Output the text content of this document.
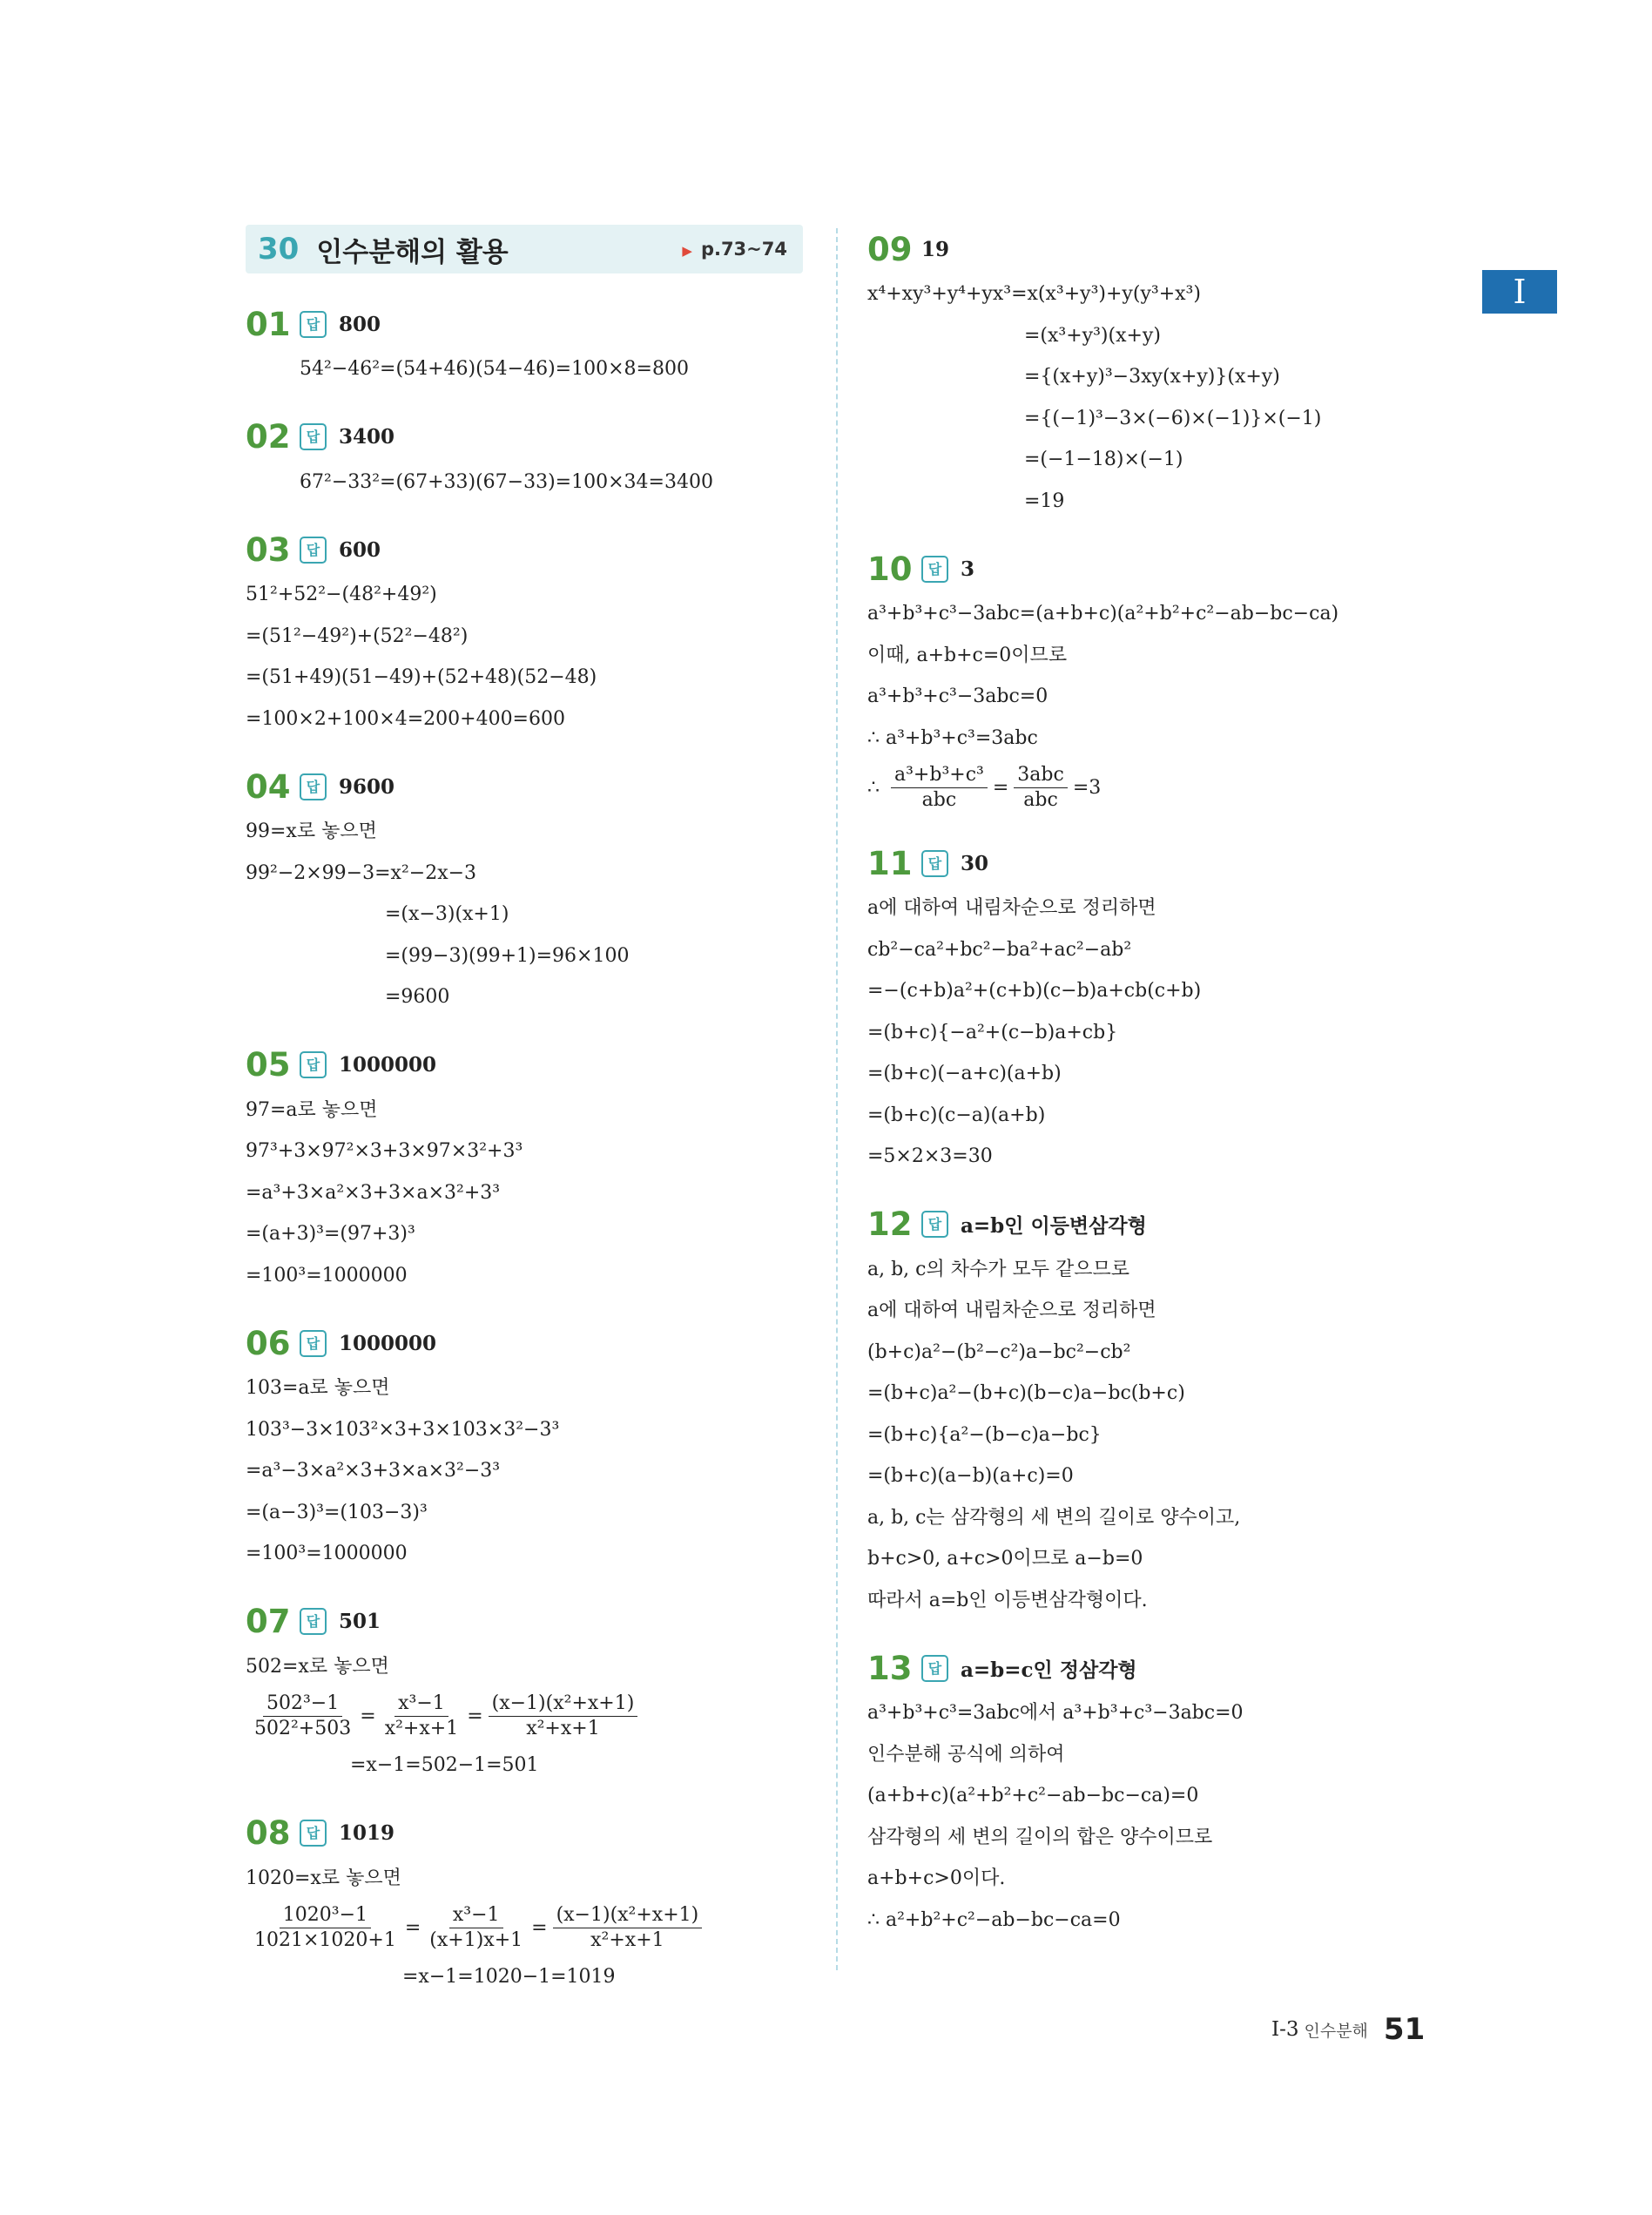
I
30 인수분해의 활용	▶ p.73~74
01	답 800
54²−46²=(54+46)(54−46)=100×8=800
02	답 3400
67²−33²=(67+33)(67−33)=100×34=3400
03	답 600
51²+52²−(48²+49²)
=(51²−49²)+(52²−48²)
=(51+49)(51−49)+(52+48)(52−48)
=100×2+100×4=200+400=600
04	답 9600
99=x로 놓으면
99²−2×99−3=x²−2x−3
=(x−3)(x+1)
=(99−3)(99+1)=96×100
=9600
05	답 1000000
97=a로 놓으면
97³+3×97²×3+3×97×3²+3³
=a³+3×a²×3+3×a×3²+3³
=(a+3)³=(97+3)³
=100³=1000000
06	답 1000000
103=a로 놓으면
103³−3×103²×3+3×103×3²−3³
=a³−3×a²×3+3×a×3²−3³
=(a−3)³=(103−3)³
=100³=1000000
07	답 501
502=x로 놓으면
$\frac{\text{502³−1}}{\text{502²+503}} = \frac{\text{x³−1}}{\text{x²+x+1}} = \frac{\text{(x−1)(x²+x+1)}}{\text{x²+x+1}}$
=x−1=502−1=501
08	답 1019
1020=x로 놓으면
$\frac{\text{1020³−1}}{1021\times 1020+1} = \frac{\text{x³−1}}{(x+1)x+1} = \frac{\text{(x−1)(x²+x+1)}}{\text{x²+x+1}}$
=x−1=1020−1=1019
09 19
x⁴+xy³+y⁴+yx³=x(x³+y³)+y(y³+x³)
=(x³+y³)(x+y)
={(x+y)³−3xy(x+y)}(x+y)
={(−1)³−3×(−6)×(−1)}×(−1)
=(−1−18)×(−1)
=19
10	답 3
a³+b³+c³−3abc=(a+b+c)(a²+b²+c²−ab−bc−ca)
이때, a+b+c=0이므로
a³+b³+c³−3abc=0
∴ a³+b³+c³=3abc
∴ $\frac{\text{a³+b³+c³}}{\text{abc}} = \frac{\text{3abc}}{\text{abc}} =3$
11	답 30
a에 대하여 내림차순으로 정리하면
cb²−ca²+bc²−ba²+ac²−ab²
=−(c+b)a²+(c+b)(c−b)a+cb(c+b)
=(b+c){−a²+(c−b)a+cb}
=(b+c)(−a+c)(a+b)
=(b+c)(c−a)(a+b)
=5×2×3=30
12	답 a=b인 이등변삼각형
a, b, c의 차수가 모두 같으므로
a에 대하여 내림차순으로 정리하면
(b+c)a²−(b²−c²)a−bc²−cb²
=(b+c)a²−(b+c)(b−c)a−bc(b+c)
=(b+c){a²−(b−c)a−bc}
=(b+c)(a−b)(a+c)=0
a, b, c는 삼각형의 세 변의 길이로 양수이고,
b+c>0, a+c>0이므로 a−b=0
따라서 a=b인 이등변삼각형이다.
13	답 a=b=c인 정삼각형
a³+b³+c³=3abc에서 a³+b³+c³−3abc=0
인수분해 공식에 의하여
(a+b+c)(a²+b²+c²−ab−bc−ca)=0
삼각형의 세 변의 길이의 합은 양수이므로
a+b+c>0이다.
∴ a²+b²+c²−ab−bc−ca=0
I-3 인수분해 51
